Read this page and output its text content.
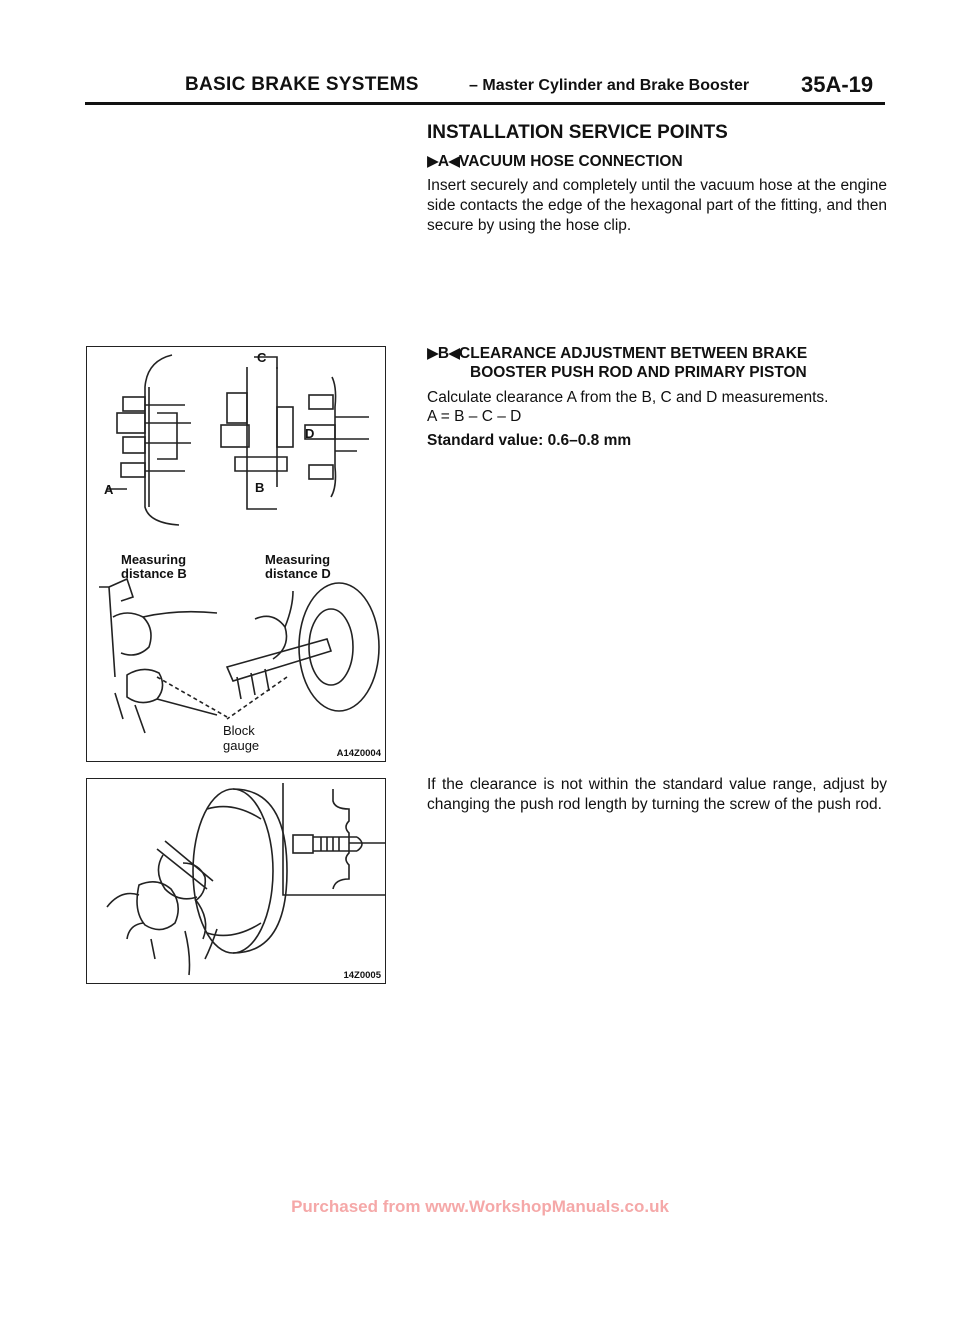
BASIC BRAKE SYSTEMS	– Master Cylinder and Brake Booster 35A-19
INSTALLATION SERVICE POINTS
▶A◀VACUUM HOSE CONNECTION
Insert securely and completely until the vacuum hose at the engine side contacts the edge of the hexagonal part of the fitting, and then secure by using the hose clip.
▶B◀CLEARANCE ADJUSTMENT BETWEEN BRAKE
BOOSTER PUSH ROD AND PRIMARY PISTON
Calculate clearance A from the B, C and D measurements.
A = B – C – D
Standard value: 0.6–0.8 mm
If the clearance is not within the standard value range, adjust by changing the push rod length by turning the screw of the push rod.
A
C
D
B
Measuring
distance B
Measuring
distance D
Block
gauge
A14Z0004
14Z0005
Purchased from www.WorkshopManuals.co.uk
